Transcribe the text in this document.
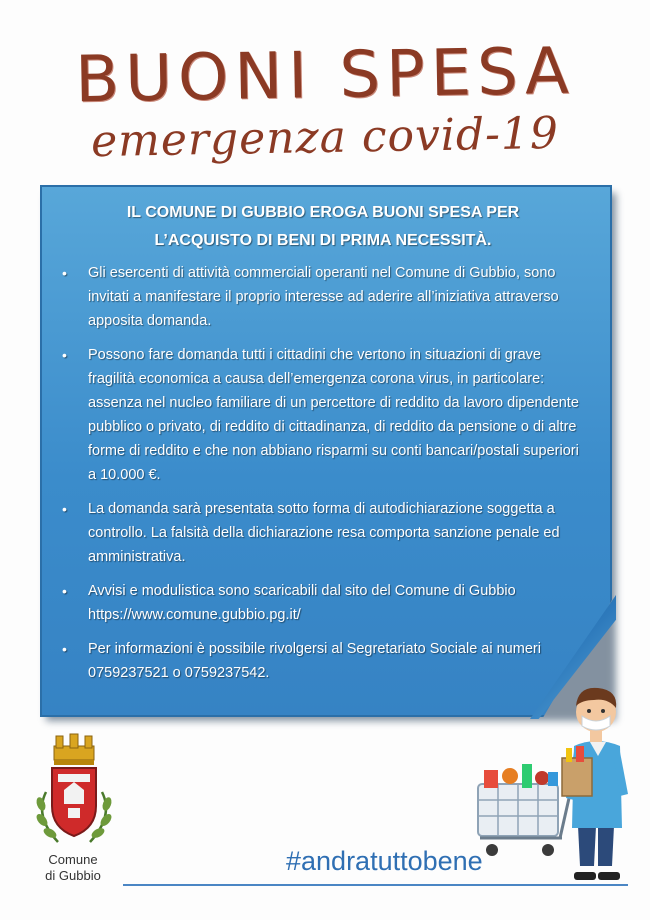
BUONI SPESA
emergenza covid-19
IL COMUNE DI GUBBIO EROGA BUONI SPESA PER
L’ACQUISTO DI BENI DI PRIMA NECESSITÀ.
• Gli esercenti di attività commerciali operanti nel Comune di Gubbio, sono invitati a manifestare il proprio interesse ad aderire all’iniziativa attraverso apposita domanda.
• Possono fare domanda tutti i cittadini che vertono in situazioni di grave fragilità economica a causa dell’emergenza corona virus, in particolare: assenza nel nucleo familiare di un percettore di reddito da lavoro dipendente pubblico o privato, di reddito di cittadinanza, di reddito da pensione o di altre forme di reddito e che non abbiano risparmi su conti bancari/postali superiori a 10.000 €.
• La domanda sarà presentata sotto forma di autodichiarazione soggetta a controllo. La falsità della dichiarazione resa comporta sanzione penale ed amministrativa.
• Avvisi e modulistica sono scaricabili dal sito del Comune di Gubbio https://www.comune.gubbio.pg.it/
• Per informazioni è possibile rivolgersi al Segretariato Sociale ai numeri 0759237521 o 0759237542.
Comune
di Gubbio	#andratuttobene
